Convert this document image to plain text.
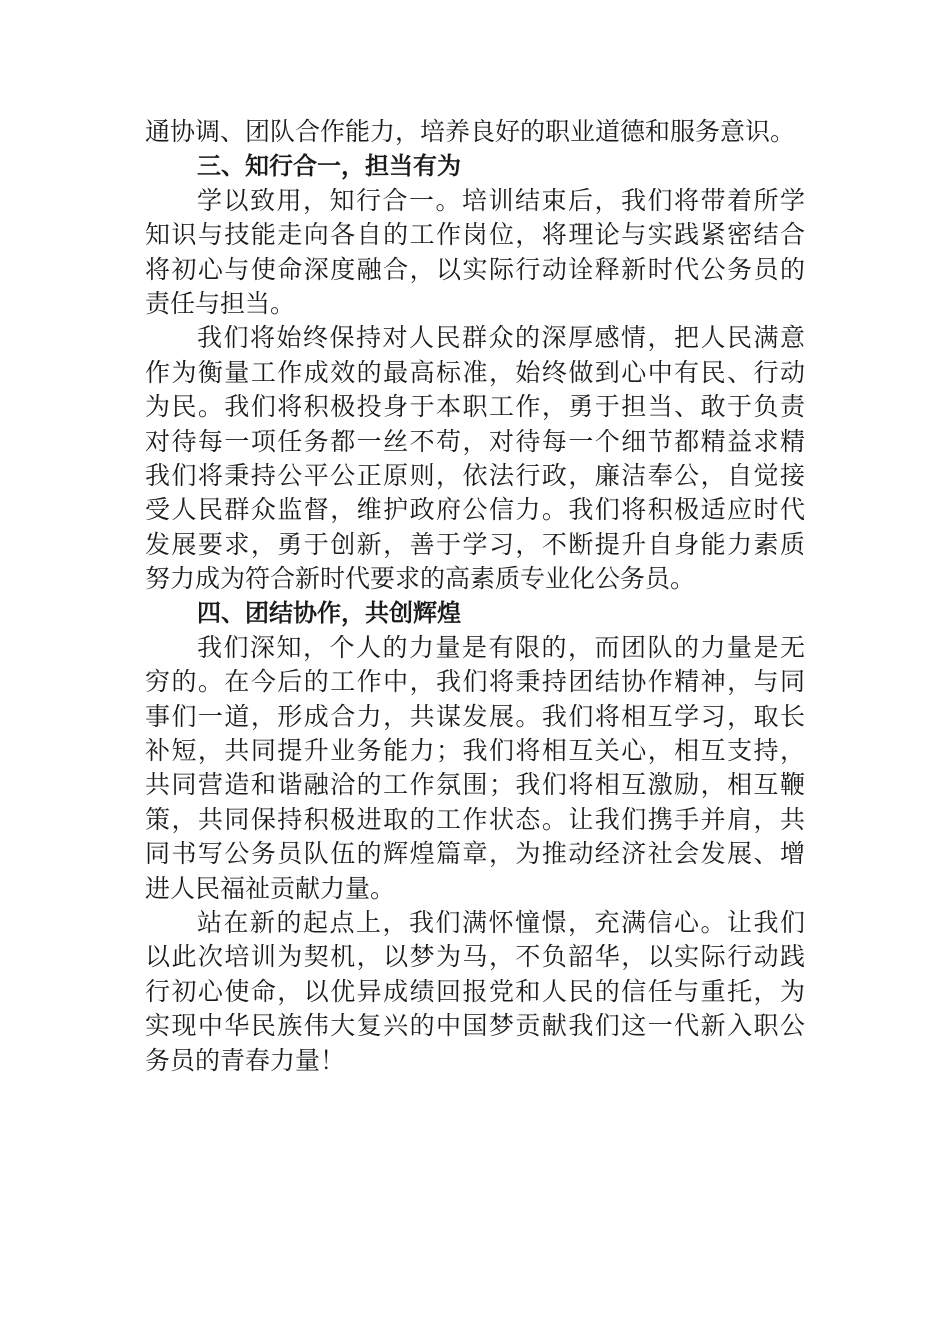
通协调、团队合作能力，培养良好的职业道德和服务意识。
三、知行合一，担当有为
学以致用，知行合一。培训结束后，我们将带着所学
知识与技能走向各自的工作岗位，将理论与实践紧密结合
将初心与使命深度融合，以实际行动诠释新时代公务员的
责任与担当。
我们将始终保持对人民群众的深厚感情，把人民满意
作为衡量工作成效的最高标准，始终做到心中有民、行动
为民。我们将积极投身于本职工作，勇于担当、敢于负责
对待每一项任务都一丝不苟，对待每一个细节都精益求精
我们将秉持公平公正原则，依法行政，廉洁奉公，自觉接
受人民群众监督，维护政府公信力。我们将积极适应时代
发展要求，勇于创新，善于学习，不断提升自身能力素质
努力成为符合新时代要求的高素质专业化公务员。
四、团结协作，共创辉煌
我们深知，个人的力量是有限的，而团队的力量是无
穷的。在今后的工作中，我们将秉持团结协作精神，与同
事们一道，形成合力，共谋发展。我们将相互学习，取长
补短，共同提升业务能力；我们将相互关心，相互支持，
共同营造和谐融洽的工作氛围；我们将相互激励，相互鞭
策，共同保持积极进取的工作状态。让我们携手并肩，共
同书写公务员队伍的辉煌篇章，为推动经济社会发展、增
进人民福祉贡献力量。
站在新的起点上，我们满怀憧憬，充满信心。让我们
以此次培训为契机，以梦为马，不负韶华，以实际行动践
行初心使命，以优异成绩回报党和人民的信任与重托，为
实现中华民族伟大复兴的中国梦贡献我们这一代新入职公
务员的青春力量！
